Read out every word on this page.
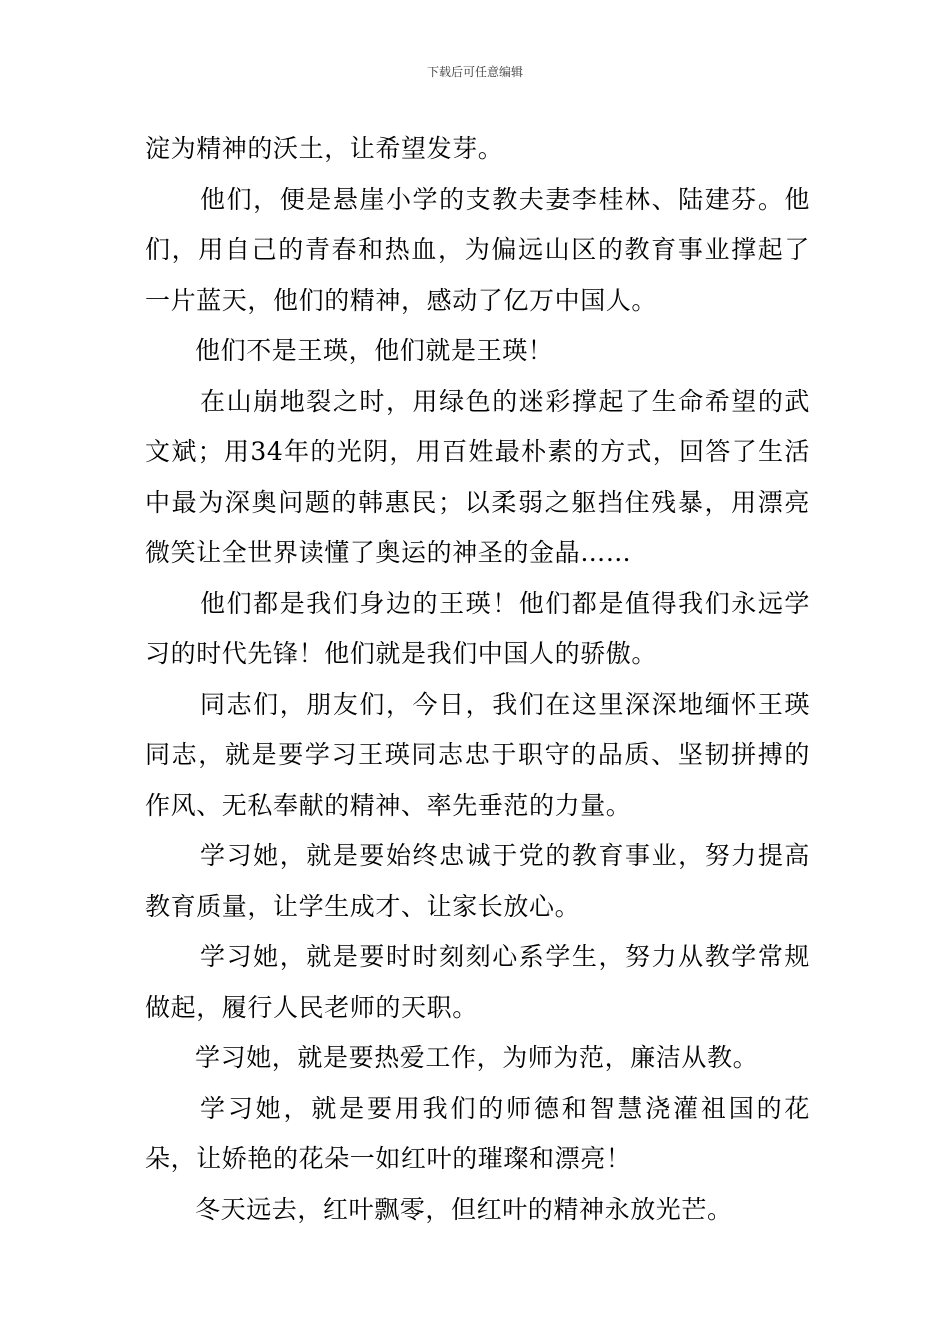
下载后可任意编辑

淀为精神的沃土，让希望发芽。

他们，便是悬崖小学的支教夫妻李桂林、陆建芬。他们，用自己的青春和热血，为偏远山区的教育事业撑起了一片蓝天，他们的精神，感动了亿万中国人。

他们不是王瑛，他们就是王瑛！

在山崩地裂之时，用绿色的迷彩撑起了生命希望的武文斌；用34年的光阴，用百姓最朴素的方式，回答了生活中最为深奥问题的韩惠民；以柔弱之躯挡住残暴，用漂亮微笑让全世界读懂了奥运的神圣的金晶……

他们都是我们身边的王瑛！他们都是值得我们永远学习的时代先锋！他们就是我们中国人的骄傲。

同志们，朋友们，今日，我们在这里深深地缅怀王瑛同志，就是要学习王瑛同志忠于职守的品质、坚韧拼搏的作风、无私奉献的精神、率先垂范的力量。

学习她，就是要始终忠诚于党的教育事业，努力提高教育质量，让学生成才、让家长放心。

学习她，就是要时时刻刻心系学生，努力从教学常规做起，履行人民老师的天职。

学习她，就是要热爱工作，为师为范，廉洁从教。

学习她，就是要用我们的师德和智慧浇灌祖国的花朵，让娇艳的花朵一如红叶的璀璨和漂亮！

冬天远去，红叶飘零，但红叶的精神永放光芒。
